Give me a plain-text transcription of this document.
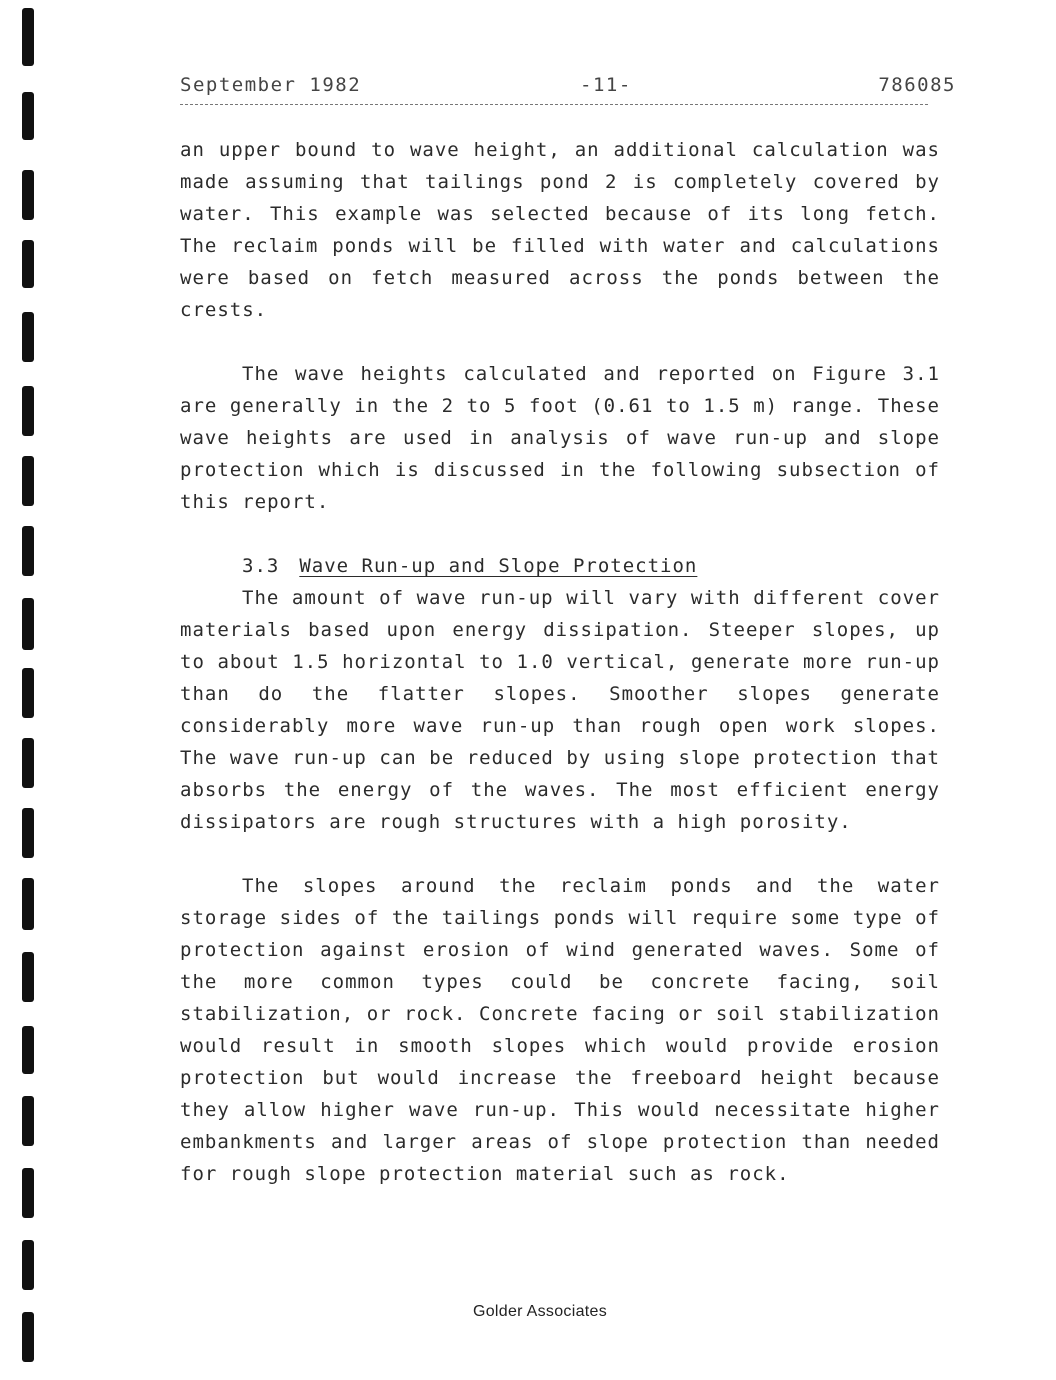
September 1982	-11-	786085

an upper bound to wave height, an additional calculation was made assuming that tailings pond 2 is completely covered by water. This example was selected because of its long fetch. The reclaim ponds will be filled with water and calculations were based on fetch measured across the ponds between the crests.

The wave heights calculated and reported on Figure 3.1 are generally in the 2 to 5 foot (0.61 to 1.5 m) range. These wave heights are used in analysis of wave run-up and slope protection which is discussed in the following subsection of this report.

3.3 Wave Run-up and Slope Protection

The amount of wave run-up will vary with different cover materials based upon energy dissipation. Steeper slopes, up to about 1.5 horizontal to 1.0 vertical, generate more run-up than do the flatter slopes. Smoother slopes generate considerably more wave run-up than rough open work slopes. The wave run-up can be reduced by using slope protection that absorbs the energy of the waves. The most efficient energy dissipators are rough structures with a high porosity.

The slopes around the reclaim ponds and the water storage sides of the tailings ponds will require some type of protection against erosion of wind generated waves. Some of the more common types could be concrete facing, soil stabilization, or rock. Concrete facing or soil stabilization would result in smooth slopes which would provide erosion protection but would increase the freeboard height because they allow higher wave run-up. This would necessitate higher embankments and larger areas of slope protection than needed for rough slope protection material such as rock.

Golder Associates
